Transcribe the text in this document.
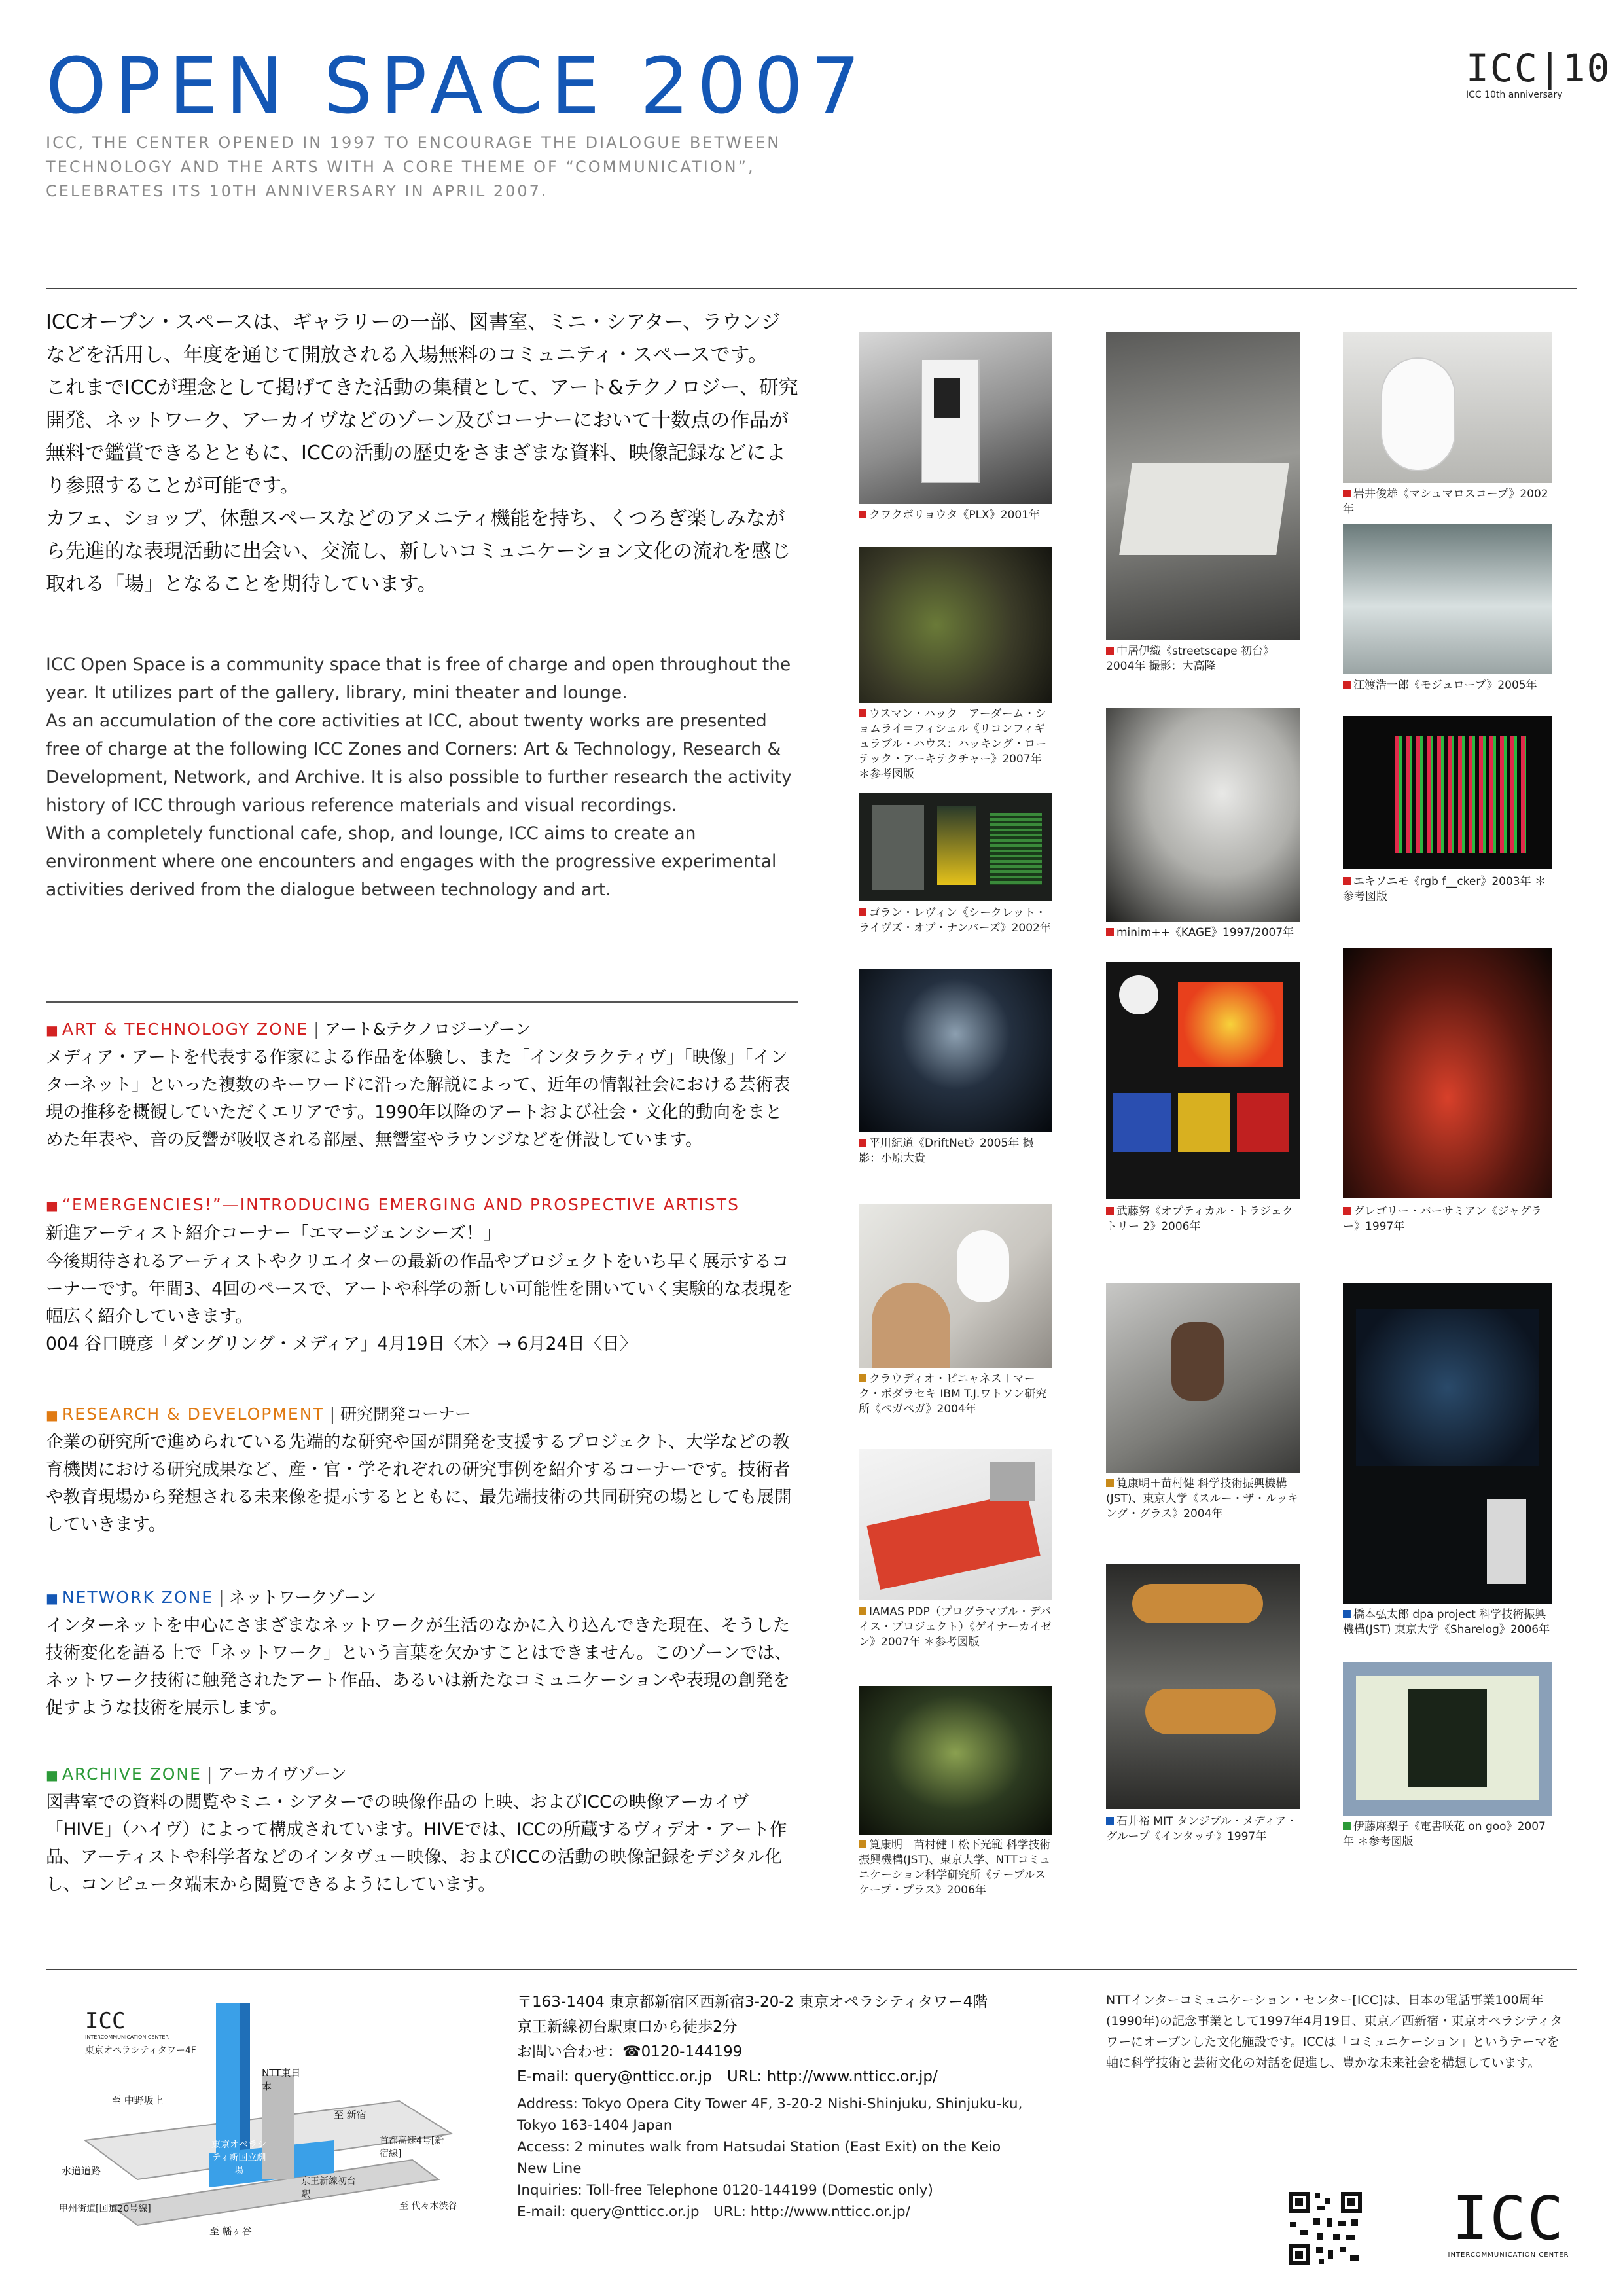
OPEN SPACE 2007
ICC, THE CENTER OPENED IN 1997 TO ENCOURAGE THE DIALOGUE BETWEEN TECHNOLOGY AND THE ARTS WITH A CORE THEME OF “COMMUNICATION”, CELEBRATES ITS 10TH ANNIVERSARY IN APRIL 2007.
ICC|10
ICC 10th anniversary

ICCオープン・スペースは、ギャラリーの一部、図書室、ミニ・シアター、ラウンジなどを活用し、年度を通じて開放される入場無料のコミュニティ・スペースです。

これまでICCが理念として掲げてきた活動の集積として、アート&テクノロジー、研究開発、ネットワーク、アーカイヴなどのゾーン及びコーナーにおいて十数点の作品が無料で鑑賞できるとともに、ICCの活動の歴史をさまざまな資料、映像記録などにより参照することが可能です。

カフェ、ショップ、休憩スペースなどのアメニティ機能を持ち、くつろぎ楽しみながら先進的な表現活動に出会い、交流し、新しいコミュニケーション文化の流れを感じ取れる「場」となることを期待しています。

ICC Open Space is a community space that is free of charge and open throughout the year. It utilizes part of the gallery, library, mini theater and lounge.

As an accumulation of the core activities at ICC, about twenty works are presented free of charge at the following ICC Zones and Corners: Art & Technology, Research & Development, Network, and Archive. It is also possible to further research the activity history of ICC through various reference materials and visual recordings.

With a completely functional cafe, shop, and lounge, ICC aims to create an environment where one encounters and engages with the progressive experimental activities derived from the dialogue between technology and art.

■ ART & TECHNOLOGY ZONE | アート&テクノロジーゾーン
メディア・アートを代表する作家による作品を体験し、また「インタラクティヴ」「映像」「インターネット」といった複数のキーワードに沿った解説によって、近年の情報社会における芸術表現の推移を概観していただくエリアです。1990年以降のアートおよび社会・文化的動向をまとめた年表や、音の反響が吸収される部屋、無響室やラウンジなどを併設しています。
■ “EMERGENCIES!”—INTRODUCING EMERGING AND PROSPECTIVE ARTISTS
新進アーティスト紹介コーナー「エマージェンシーズ！」
今後期待されるアーティストやクリエイターの最新の作品やプロジェクトをいち早く展示するコーナーです。年間3、4回のペースで、アートや科学の新しい可能性を開いていく実験的な表現を幅広く紹介していきます。
004 谷口暁彦「ダングリング・メディア」4月19日〈木〉→ 6月24日〈日〉
■ RESEARCH & DEVELOPMENT | 研究開発コーナー
企業の研究所で進められている先端的な研究や国が開発を支援するプロジェクト、大学などの教育機関における研究成果など、産・官・学それぞれの研究事例を紹介するコーナーです。技術者や教育現場から発想される未来像を提示するとともに、最先端技術の共同研究の場としても展開していきます。
■ NETWORK ZONE | ネットワークゾーン
インターネットを中心にさまざまなネットワークが生活のなかに入り込んできた現在、そうした技術変化を語る上で「ネットワーク」という言葉を欠かすことはできません。このゾーンでは、ネットワーク技術に触発されたアート作品、あるいは新たなコミュニケーションや表現の創発を促すような技術を展示します。
■ ARCHIVE ZONE | アーカイヴゾーン
図書室での資料の閲覧やミニ・シアターでの映像作品の上映、およびICCの映像アーカイヴ「HIVE」（ハイヴ）によって構成されています。HIVEでは、ICCの所蔵するヴィデオ・アート作品、アーティストや科学者などのインタヴュー映像、およびICCの活動の映像記録をデジタル化し、コンピュータ端末から閲覧できるようにしています。
クワクボリョウタ《PLX》2001年
ウスマン・ハック＋アーダーム・ショムライ＝フィシェル《リコンフィギュラブル・ハウス：ハッキング・ローテック・アーキテクチャー》2007年 ＊参考図版
ゴラン・レヴィン《シークレット・ライヴズ・オブ・ナンバーズ》2002年
平川紀道《DriftNet》2005年 撮影：小原大貴
クラウディオ・ピニャネス＋マーク・ポダラセキ IBM T.J.ワトソン研究所《ペガペガ》2004年
IAMAS PDP（プログラマブル・デバイス・プロジェクト）《ゲイナーカイゼン》2007年 ＊参考図版
筧康明＋苗村健＋松下光範 科学技術振興機構(JST)、東京大学、NTTコミュニケーション科学研究所《テーブルスケープ・プラス》2006年
中居伊織《streetscape 初台》2004年 撮影：大高隆
minim++《KAGE》1997/2007年
武藤努《オプティカル・トラジェクトリー 2》2006年
筧康明＋苗村健 科学技術振興機構(JST)、東京大学《スルー・ザ・ルッキング・グラス》2004年
石井裕 MIT タンジブル・メディア・グループ《インタッチ》1997年
岩井俊雄《マシュマロスコープ》2002年
江渡浩一郎《モジュローブ》2005年
エキソニモ《rgb f__cker》2003年 ＊参考図版
グレゴリー・バーサミアン《ジャグラー》1997年
橋本弘太郎 dpa project 科学技術振興機構(JST) 東京大学《Sharelog》2006年
伊藤麻梨子《電書咲花 on goo》2007年 ＊参考図版
ICC
INTERCOMMUNICATION CENTER
東京オペラシティタワー4F
至 中野坂上
NTT東日本
至 新宿
首都高速4号[新宿線]
東京オペラシティ新国立劇場
京王新線初台駅
水道道路
甲州街道[国道20号線]	至 代々木渋谷
至 幡ヶ谷
〒163-1404 東京都新宿区西新宿3-20-2 東京オペラシティタワー4階
京王新線初台駅東口から徒歩2分
お問い合わせ：☎0120-144199
E-mail: query@ntticc.or.jp　URL: http://www.ntticc.or.jp/
Address: Tokyo Opera City Tower 4F, 3-20-2 Nishi-Shinjuku, Shinjuku-ku, Tokyo 163-1404 Japan
Access: 2 minutes walk from Hatsudai Station (East Exit) on the Keio New Line
Inquiries: Toll-free Telephone 0120-144199 (Domestic only)
E-mail: query@ntticc.or.jp　URL: http://www.ntticc.or.jp/
NTTインターコミュニケーション・センター[ICC]は、日本の電話事業100周年(1990年)の記念事業として1997年4月19日、東京／西新宿・東京オペラシティタワーにオープンした文化施設です。ICCは「コミュニケーション」というテーマを軸に科学技術と芸術文化の対話を促進し、豊かな未来社会を構想しています。
ICC
INTERCOMMUNICATION CENTER
